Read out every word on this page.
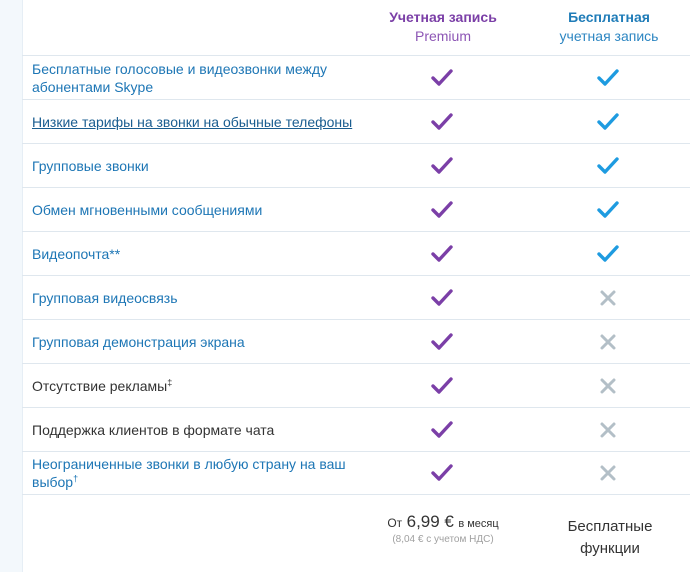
Учетная запись
Premium
Бесплатная
учетная запись
Бесплатные голосовые и видеозвонки между абонентами Skype
Низкие тарифы на звонки на обычные телефоны
Групповые звонки
Обмен мгновенными сообщениями
Видеопочта**
Групповая видеосвязь
Групповая демонстрация экрана
Отсутствие рекламы‡
Поддержка клиентов в формате чата
Неограниченные звонки в любую страну на ваш выбор†
От 6,99 € в месяц
(8,04 € с учетом НДС)
Бесплатные
функции
